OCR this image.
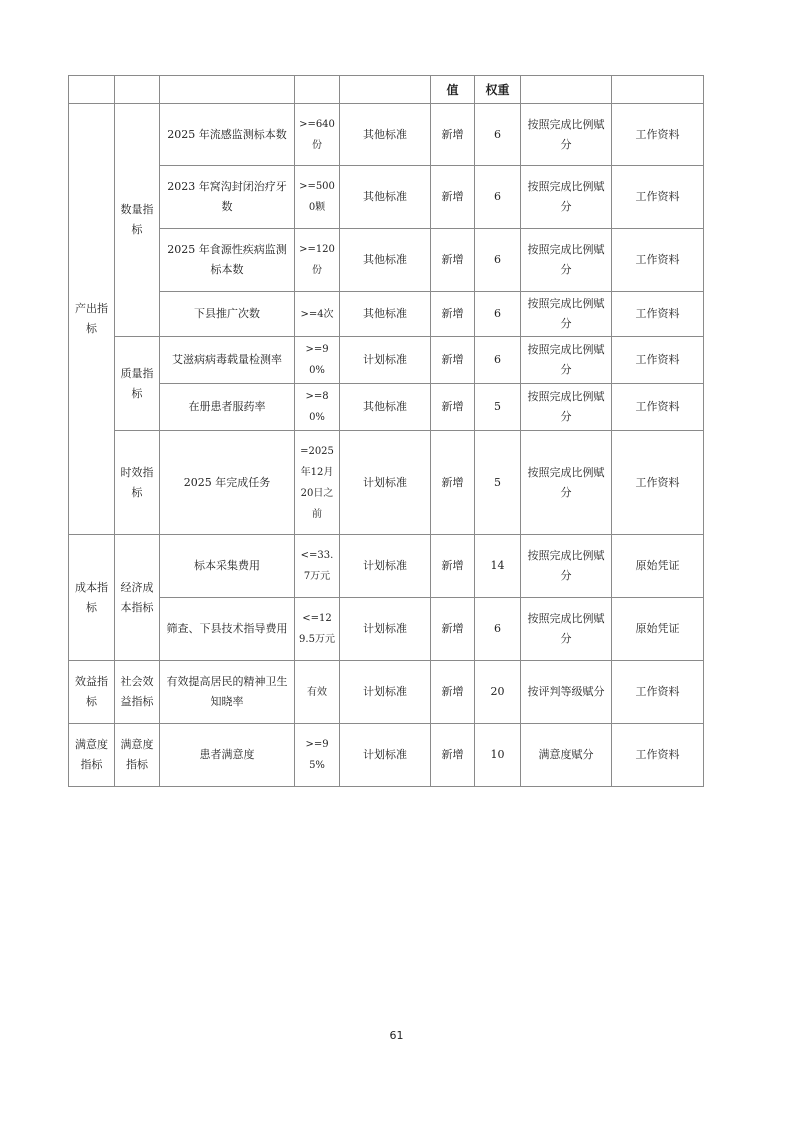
					值	权重		
产出指标	数量指标	2025 年流感监测标本数	>=640份	其他标准	新增	6	按照完成比例赋分	工作资料
		2023 年窝沟封闭治疗牙数	>=5000颗	其他标准	新增	6	按照完成比例赋分	工作资料
		2025 年食源性疾病监测标本数	>=120份	其他标准	新增	6	按照完成比例赋分	工作资料
		下县推广次数	>=4次	其他标准	新增	6	按照完成比例赋分	工作资料
	质量指标	艾滋病病毒载量检测率	>=90%	计划标准	新增	6	按照完成比例赋分	工作资料
		在册患者服药率	>=80%	其他标准	新增	5	按照完成比例赋分	工作资料
	时效指标	2025 年完成任务	=2025年12月20日之前	计划标准	新增	5	按照完成比例赋分	工作资料
成本指标	经济成本指标	标本采集费用	<=33.7万元	计划标准	新增	14	按照完成比例赋分	原始凭证
		筛查、下县技术指导费用	<=129.5万元	计划标准	新增	6	按照完成比例赋分	原始凭证
效益指标	社会效益指标	有效提高居民的精神卫生知晓率	有效	计划标准	新增	20	按评判等级赋分	工作资料
满意度指标	满意度指标	患者满意度	>=95%	计划标准	新增	10	满意度赋分	工作资料
61
